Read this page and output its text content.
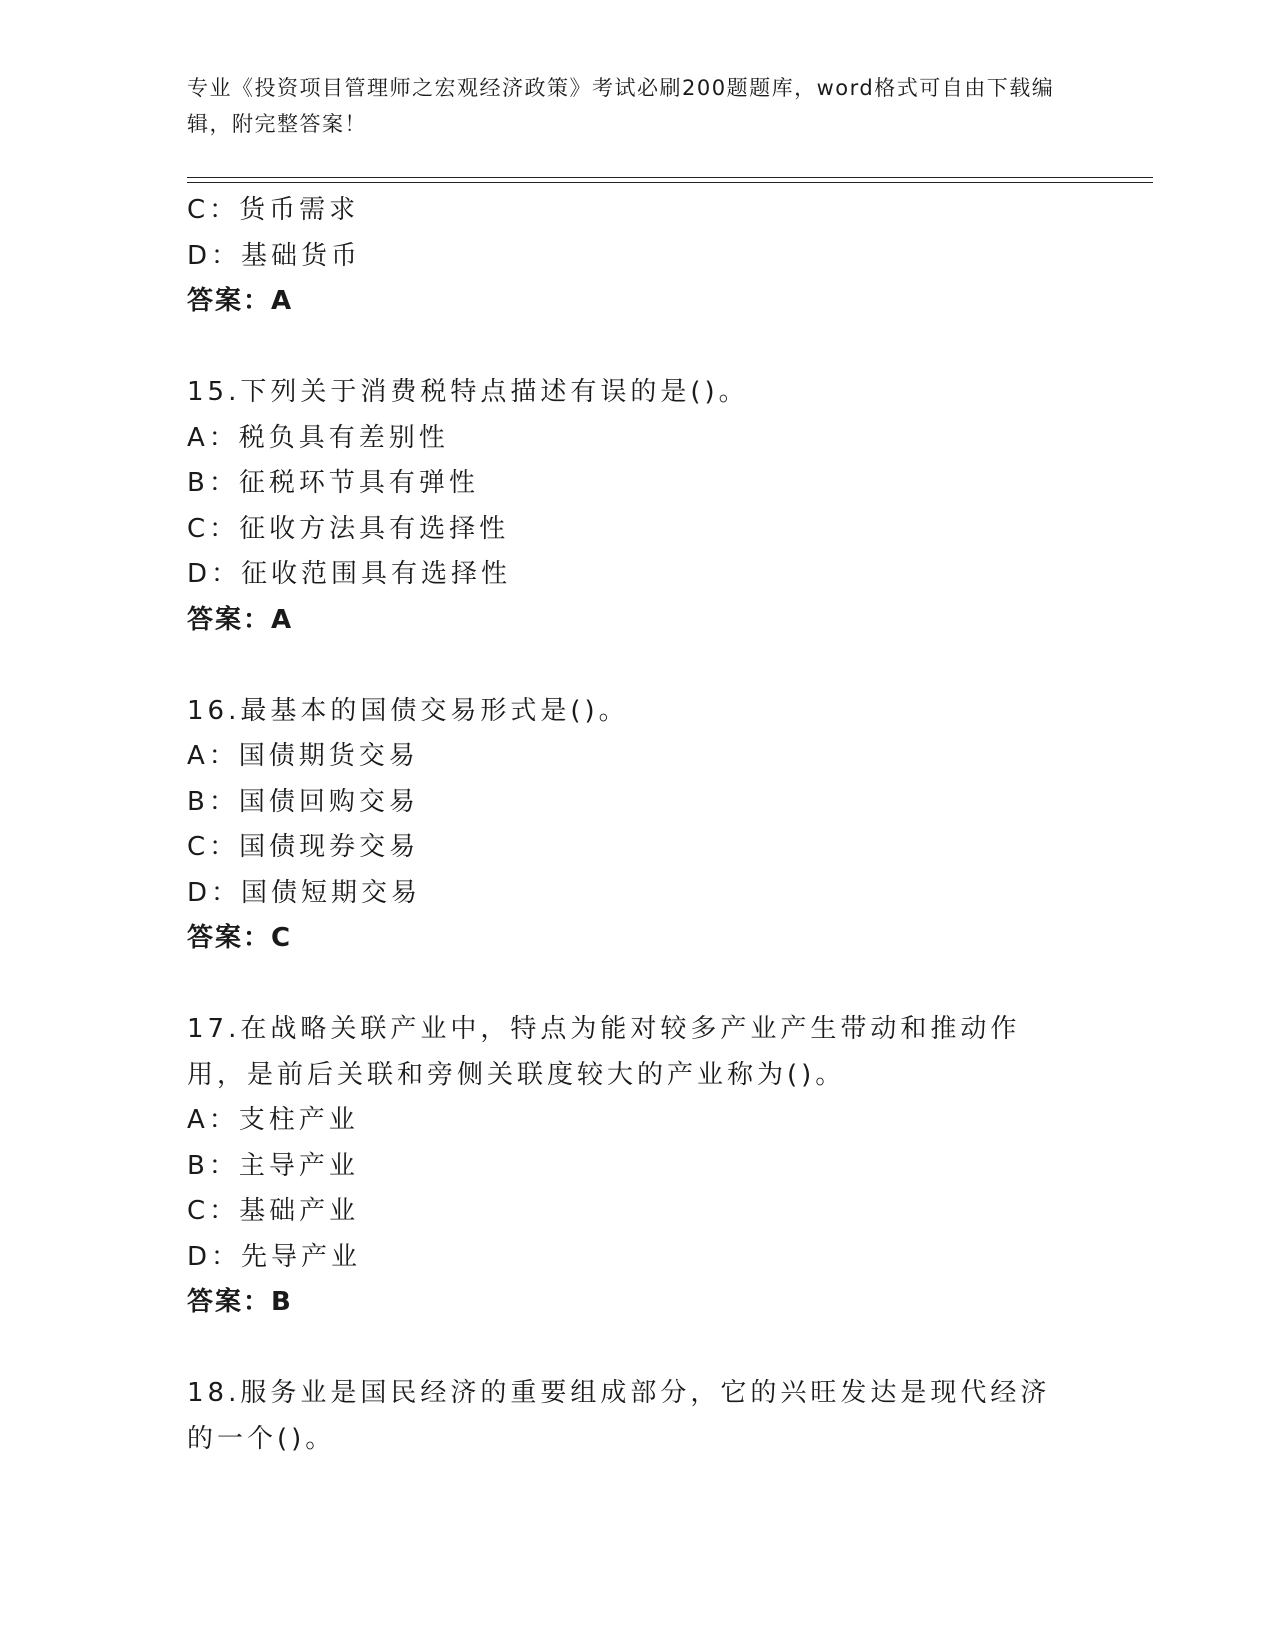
专业《投资项目管理师之宏观经济政策》考试必刷200题题库，word格式可自由下载编辑，附完整答案！
C：货币需求
D：基础货币
答案：A
15.下列关于消费税特点描述有误的是()。
A：税负具有差别性
B：征税环节具有弹性
C：征收方法具有选择性
D：征收范围具有选择性
答案：A
16.最基本的国债交易形式是()。
A：国债期货交易
B：国债回购交易
C：国债现券交易
D：国债短期交易
答案：C
17.在战略关联产业中，特点为能对较多产业产生带动和推动作用，是前后关联和旁侧关联度较大的产业称为()。
A：支柱产业
B：主导产业
C：基础产业
D：先导产业
答案：B
18.服务业是国民经济的重要组成部分，它的兴旺发达是现代经济的一个()。
